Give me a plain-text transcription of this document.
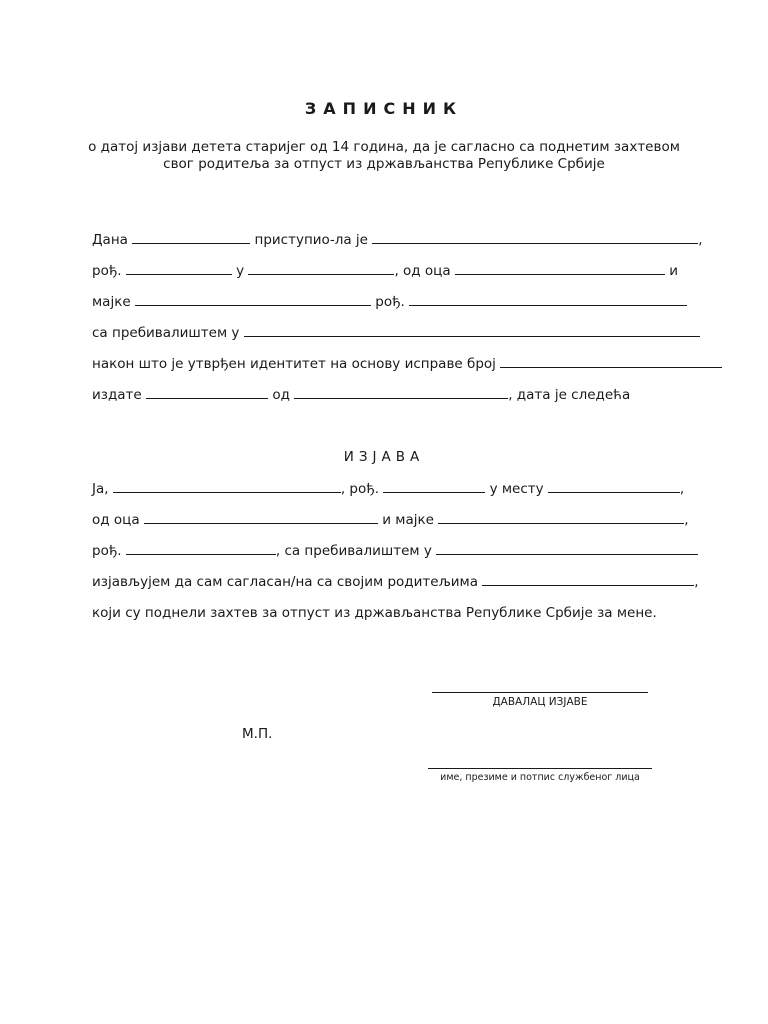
ЗАПИСНИК
о датој изјави детета старијег од 14 година, да је сагласно са поднетим захтевом
свог родитеља за отпуст из држављанства Републике Србије
Дана	приступио-ла је	,
рођ.	у	, од оца	и
мајке	рођ.
са пребивалиштем у
након што је утврђен идентитет на основу исправе број
издате	од	, дата је следећа
ИЗЈАВА
Ја,	, рођ.	у месту	,
од оца	и мајке	,
рођ.	, са пребивалиштем у
изјављујем да сам сагласан/на са својим родитељима	,
који су поднели захтев за отпуст из држављанства Републике Србије за мене.
ДАВАЛАЦ ИЗЈАВЕ
М.П.
име, презиме и потпис службеног лица
